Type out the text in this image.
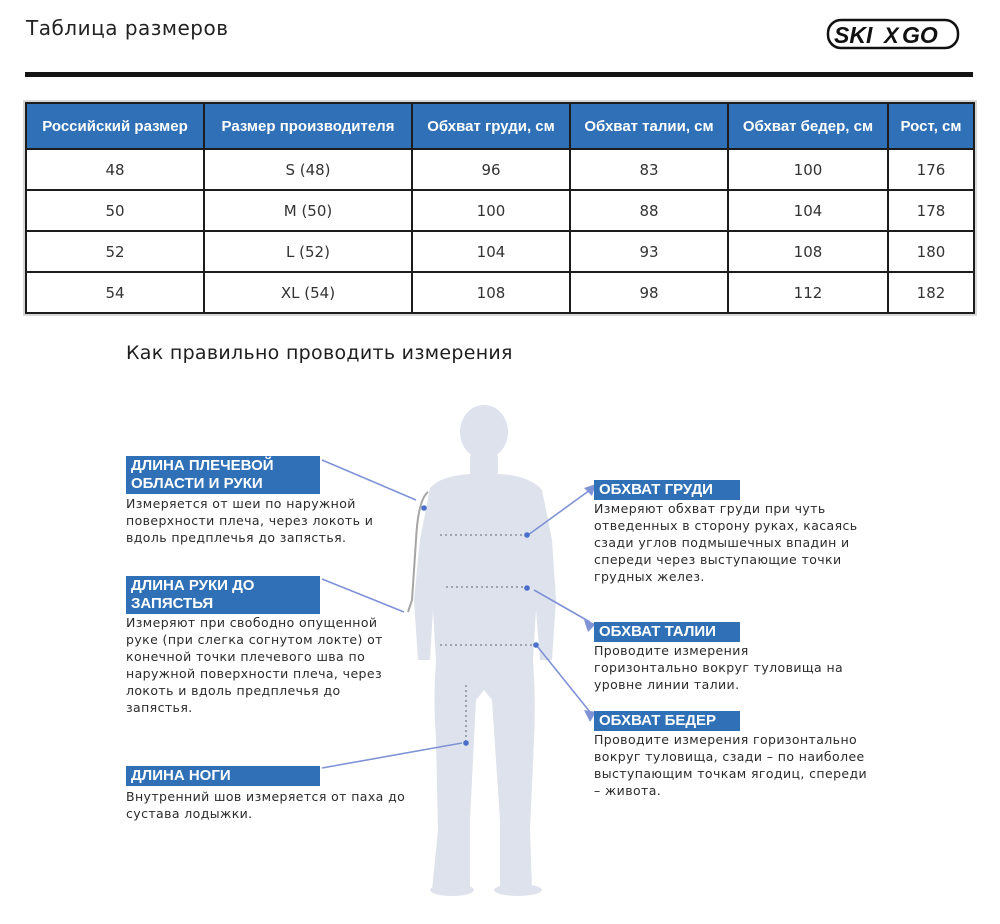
Таблица размеров	SKI X GO
Российский размер	Размер производителя	Обхват груди, см	Обхват талии, см	Обхват бедер, см	Рост, см
48	S (48)	96	83	100	176
50	M (50)	100	88	104	178
52	L (52)	104	93	108	180
54	XL (54)	108	98	112	182
Как правильно проводить измерения
ДЛИНА ПЛЕЧЕВОЙ ОБЛАСТИ И РУКИ
Измеряется от шеи по наружной поверхности плеча, через локоть и вдоль предплечья до запястья.
ДЛИНА РУКИ ДО ЗАПЯСТЬЯ
Измеряют при свободно опущенной руке (при слегка согнутом локте) от конечной точки плечевого шва по наружной поверхности плеча, через локоть и вдоль предплечья до запястья.
ДЛИНА НОГИ
Внутренний шов измеряется от паха до сустава лодыжки.
ОБХВАТ ГРУДИ
Измеряют обхват груди при чуть отведенных в сторону руках, касаясь сзади углов подмышечных впадин и спереди через выступающие точки грудных желез.
ОБХВАТ ТАЛИИ
Проводите измерения горизонтально вокруг туловища на уровне линии талии.
ОБХВАТ БЕДЕР
Проводите измерения горизонтально вокруг туловища, сзади – по наиболее выступающим точкам ягодиц, спереди – живота.
